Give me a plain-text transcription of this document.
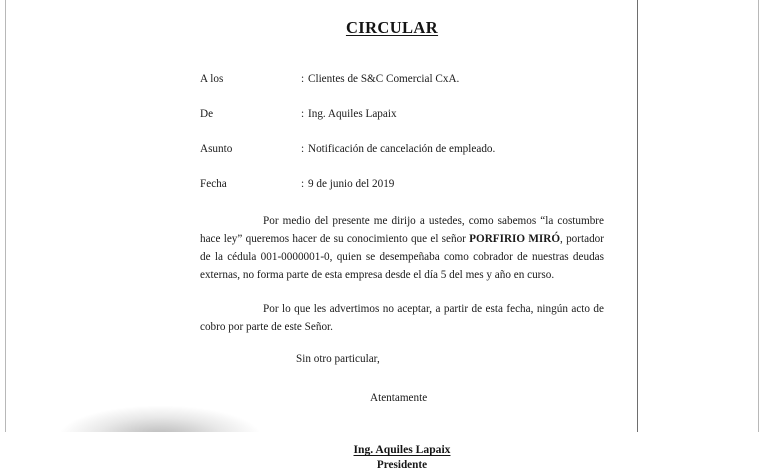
CIRCULAR
A los	: Clientes de S&C Comercial CxA.
De	: Ing. Aquiles Lapaix
Asunto	: Notificación de cancelación de empleado.
Fecha	: 9 de junio del 2019

Por medio del presente me dirijo a ustedes, como sabemos “la costumbre hace ley” queremos hacer de su conocimiento que el señor PORFIRIO MIRÓ, portador de la cédula 001-0000001-0, quien se desempeñaba como cobrador de nuestras deudas externas, no forma parte de esta empresa desde el día 5 del mes y año en curso.

Por lo que les advertimos no aceptar, a partir de esta fecha, ningún acto de cobro por parte de este Señor.

Sin otro particular,

Atentamente

Ing. Aquiles Lapaix

Presidente
